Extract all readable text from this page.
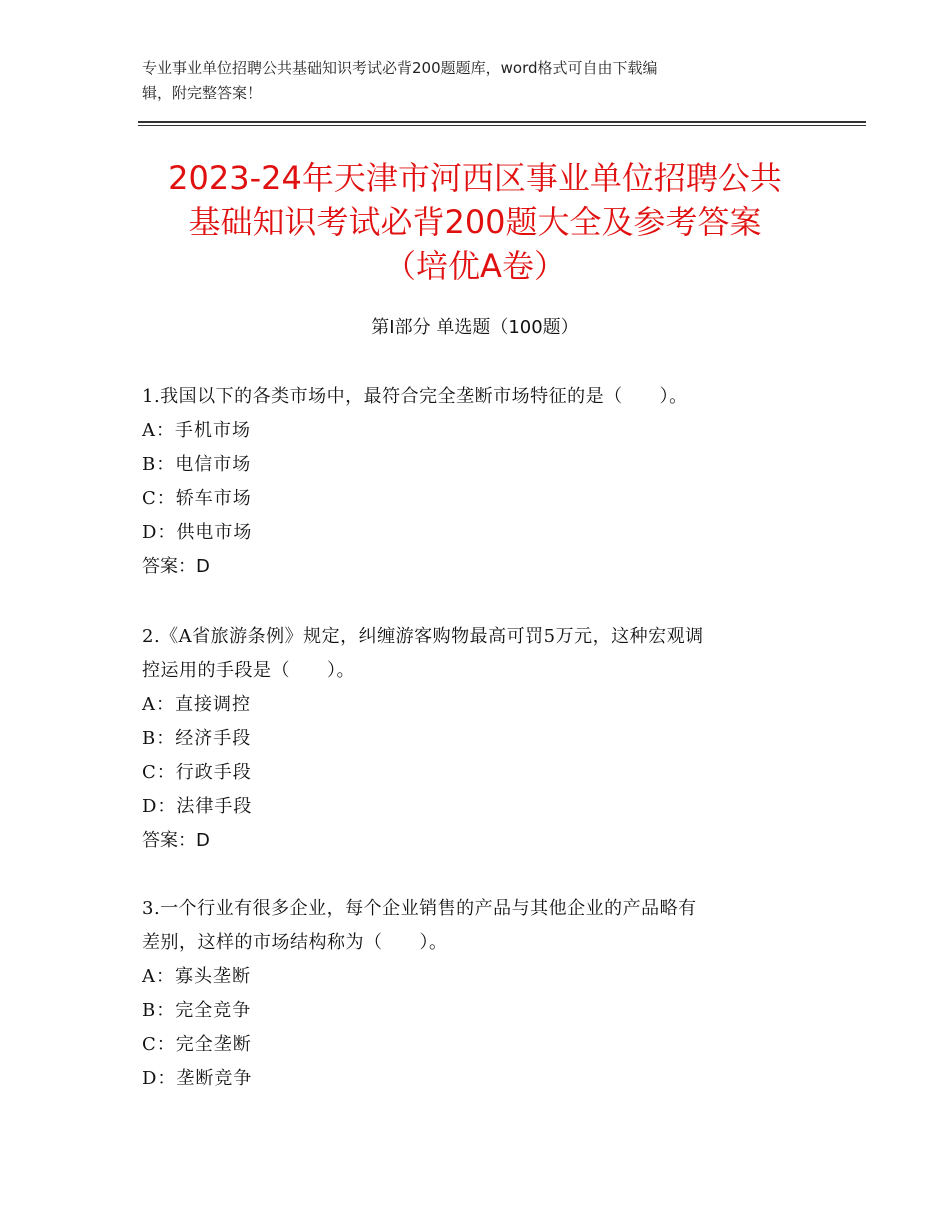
专业事业单位招聘公共基础知识考试必背200题题库，word格式可自由下载编
辑，附完整答案！
2023-24年天津市河西区事业单位招聘公共
基础知识考试必背200题大全及参考答案
（培优A卷）
第Ⅰ部分 单选题（100题）
1.我国以下的各类市场中，最符合完全垄断市场特征的是（　　）。
A：手机市场
B：电信市场
C：轿车市场
D：供电市场
答案：D
2.《A省旅游条例》规定，纠缠游客购物最高可罚5万元，这种宏观调
控运用的手段是（　　）。
A：直接调控
B：经济手段
C：行政手段
D：法律手段
答案：D
3.一个行业有很多企业，每个企业销售的产品与其他企业的产品略有
差别，这样的市场结构称为（　　）。
A：寡头垄断
B：完全竞争
C：完全垄断
D：垄断竞争
